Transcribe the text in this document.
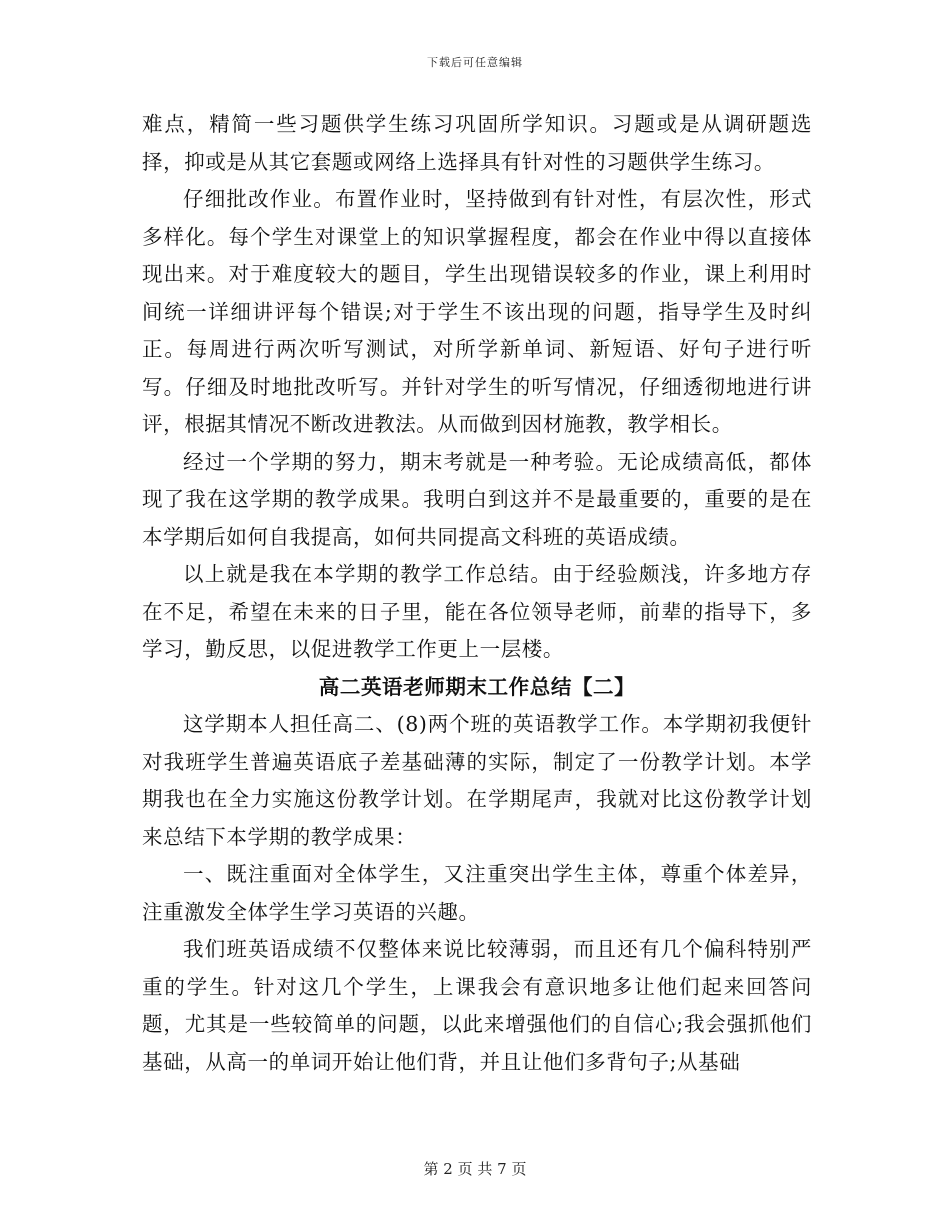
下载后可任意编辑

难点，精简一些习题供学生练习巩固所学知识。习题或是从调研题选择，抑或是从其它套题或网络上选择具有针对性的习题供学生练习。

仔细批改作业。布置作业时，坚持做到有针对性，有层次性，形式多样化。每个学生对课堂上的知识掌握程度，都会在作业中得以直接体现出来。对于难度较大的题目，学生出现错误较多的作业，课上利用时间统一详细讲评每个错误;对于学生不该出现的问题，指导学生及时纠正。每周进行两次听写测试，对所学新单词、新短语、好句子进行听写。仔细及时地批改听写。并针对学生的听写情况，仔细透彻地进行讲评，根据其情况不断改进教法。从而做到因材施教，教学相长。

经过一个学期的努力，期末考就是一种考验。无论成绩高低，都体现了我在这学期的教学成果。我明白到这并不是最重要的，重要的是在本学期后如何自我提高，如何共同提高文科班的英语成绩。

以上就是我在本学期的教学工作总结。由于经验颇浅，许多地方存在不足，希望在未来的日子里，能在各位领导老师，前辈的指导下，多学习，勤反思，以促进教学工作更上一层楼。

高二英语老师期末工作总结【二】

这学期本人担任高二、(8)两个班的英语教学工作。本学期初我便针对我班学生普遍英语底子差基础薄的实际，制定了一份教学计划。本学期我也在全力实施这份教学计划。在学期尾声，我就对比这份教学计划来总结下本学期的教学成果：

一、既注重面对全体学生，又注重突出学生主体，尊重个体差异，注重激发全体学生学习英语的兴趣。

我们班英语成绩不仅整体来说比较薄弱，而且还有几个偏科特别严重的学生。针对这几个学生，上课我会有意识地多让他们起来回答问题，尤其是一些较简单的问题，以此来增强他们的自信心;我会强抓他们基础，从高一的单词开始让他们背，并且让他们多背句子;从基础

第 2 页 共 7 页
